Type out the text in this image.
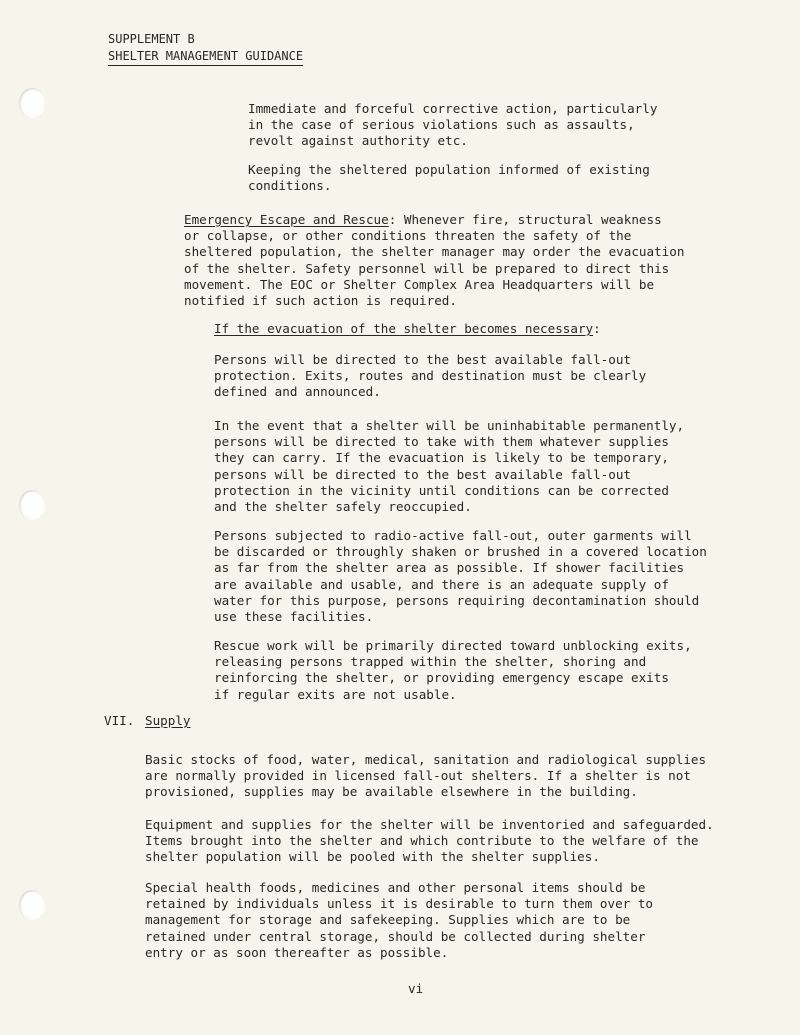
SUPPLEMENT B
SHELTER MANAGEMENT GUIDANCE
Immediate and forceful corrective action, particularly
in the case of serious violations such as assaults,
revolt against authority etc.
Keeping the sheltered population informed of existing
conditions.
Emergency Escape and Rescue: Whenever fire, structural weakness
or collapse, or other conditions threaten the safety of the
sheltered population, the shelter manager may order the evacuation
of the shelter. Safety personnel will be prepared to direct this
movement. The EOC or Shelter Complex Area Headquarters will be
notified if such action is required.
If the evacuation of the shelter becomes necessary:
Persons will be directed to the best available fall-out
protection. Exits, routes and destination must be clearly
defined and announced.
In the event that a shelter will be uninhabitable permanently,
persons will be directed to take with them whatever supplies
they can carry. If the evacuation is likely to be temporary,
persons will be directed to the best available fall-out
protection in the vicinity until conditions can be corrected
and the shelter safely reoccupied.
Persons subjected to radio-active fall-out, outer garments will
be discarded or throughly shaken or brushed in a covered location
as far from the shelter area as possible. If shower facilities
are available and usable, and there is an adequate supply of
water for this purpose, persons requiring decontamination should
use these facilities.
Rescue work will be primarily directed toward unblocking exits,
releasing persons trapped within the shelter, shoring and
reinforcing the shelter, or providing emergency escape exits
if regular exits are not usable.
VII. Supply
Basic stocks of food, water, medical, sanitation and radiological supplies
are normally provided in licensed fall-out shelters. If a shelter is not
provisioned, supplies may be available elsewhere in the building.
Equipment and supplies for the shelter will be inventoried and safeguarded.
Items brought into the shelter and which contribute to the welfare of the
shelter population will be pooled with the shelter supplies.
Special health foods, medicines and other personal items should be
retained by individuals unless it is desirable to turn them over to
management for storage and safekeeping. Supplies which are to be
retained under central storage, should be collected during shelter
entry or as soon thereafter as possible.
vi
